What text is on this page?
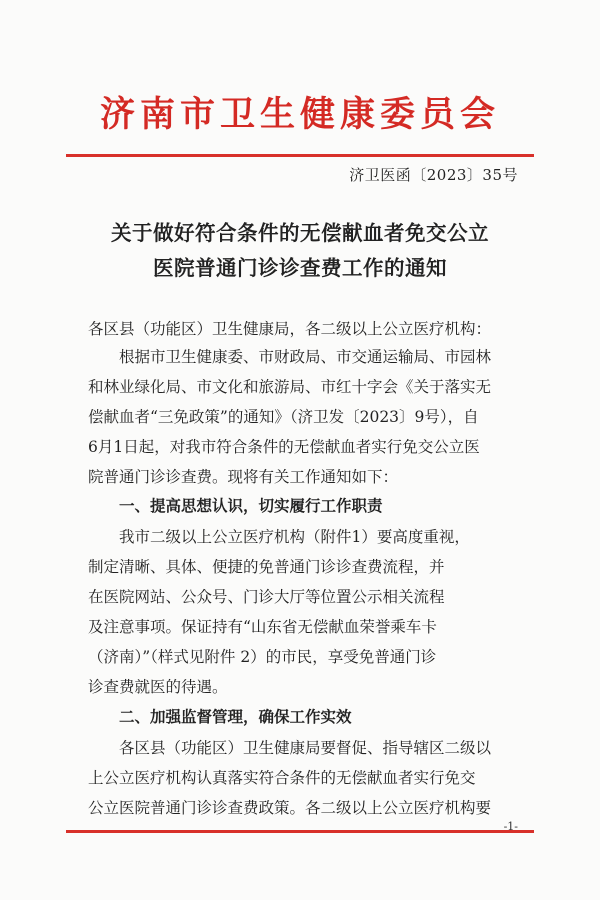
济南市卫生健康委员会
济卫医函〔2023〕35号
关于做好符合条件的无偿献血者免交公立
医院普通门诊诊查费工作的通知
各区县（功能区）卫生健康局，各二级以上公立医疗机构：
根据市卫生健康委、市财政局、市交通运输局、市园林
和林业绿化局、市文化和旅游局、市红十字会《关于落实无
偿献血者“三免政策”的通知》（济卫发〔2023〕9号），自
6月1日起，对我市符合条件的无偿献血者实行免交公立医
院普通门诊诊查费。现将有关工作通知如下：
一、提高思想认识，切实履行工作职责
我市二级以上公立医疗机构（附件1）要高度重视，
制定清晰、具体、便捷的免普通门诊诊查费流程，并
在医院网站、公众号、门诊大厅等位置公示相关流程
及注意事项。保证持有“山东省无偿献血荣誉乘车卡
（济南）”（样式见附件 2）的市民，享受免普通门诊
诊查费就医的待遇。
二、加强监督管理，确保工作实效
各区县（功能区）卫生健康局要督促、指导辖区二级以
上公立医疗机构认真落实符合条件的无偿献血者实行免交
公立医院普通门诊诊查费政策。各二级以上公立医疗机构要
-1-
